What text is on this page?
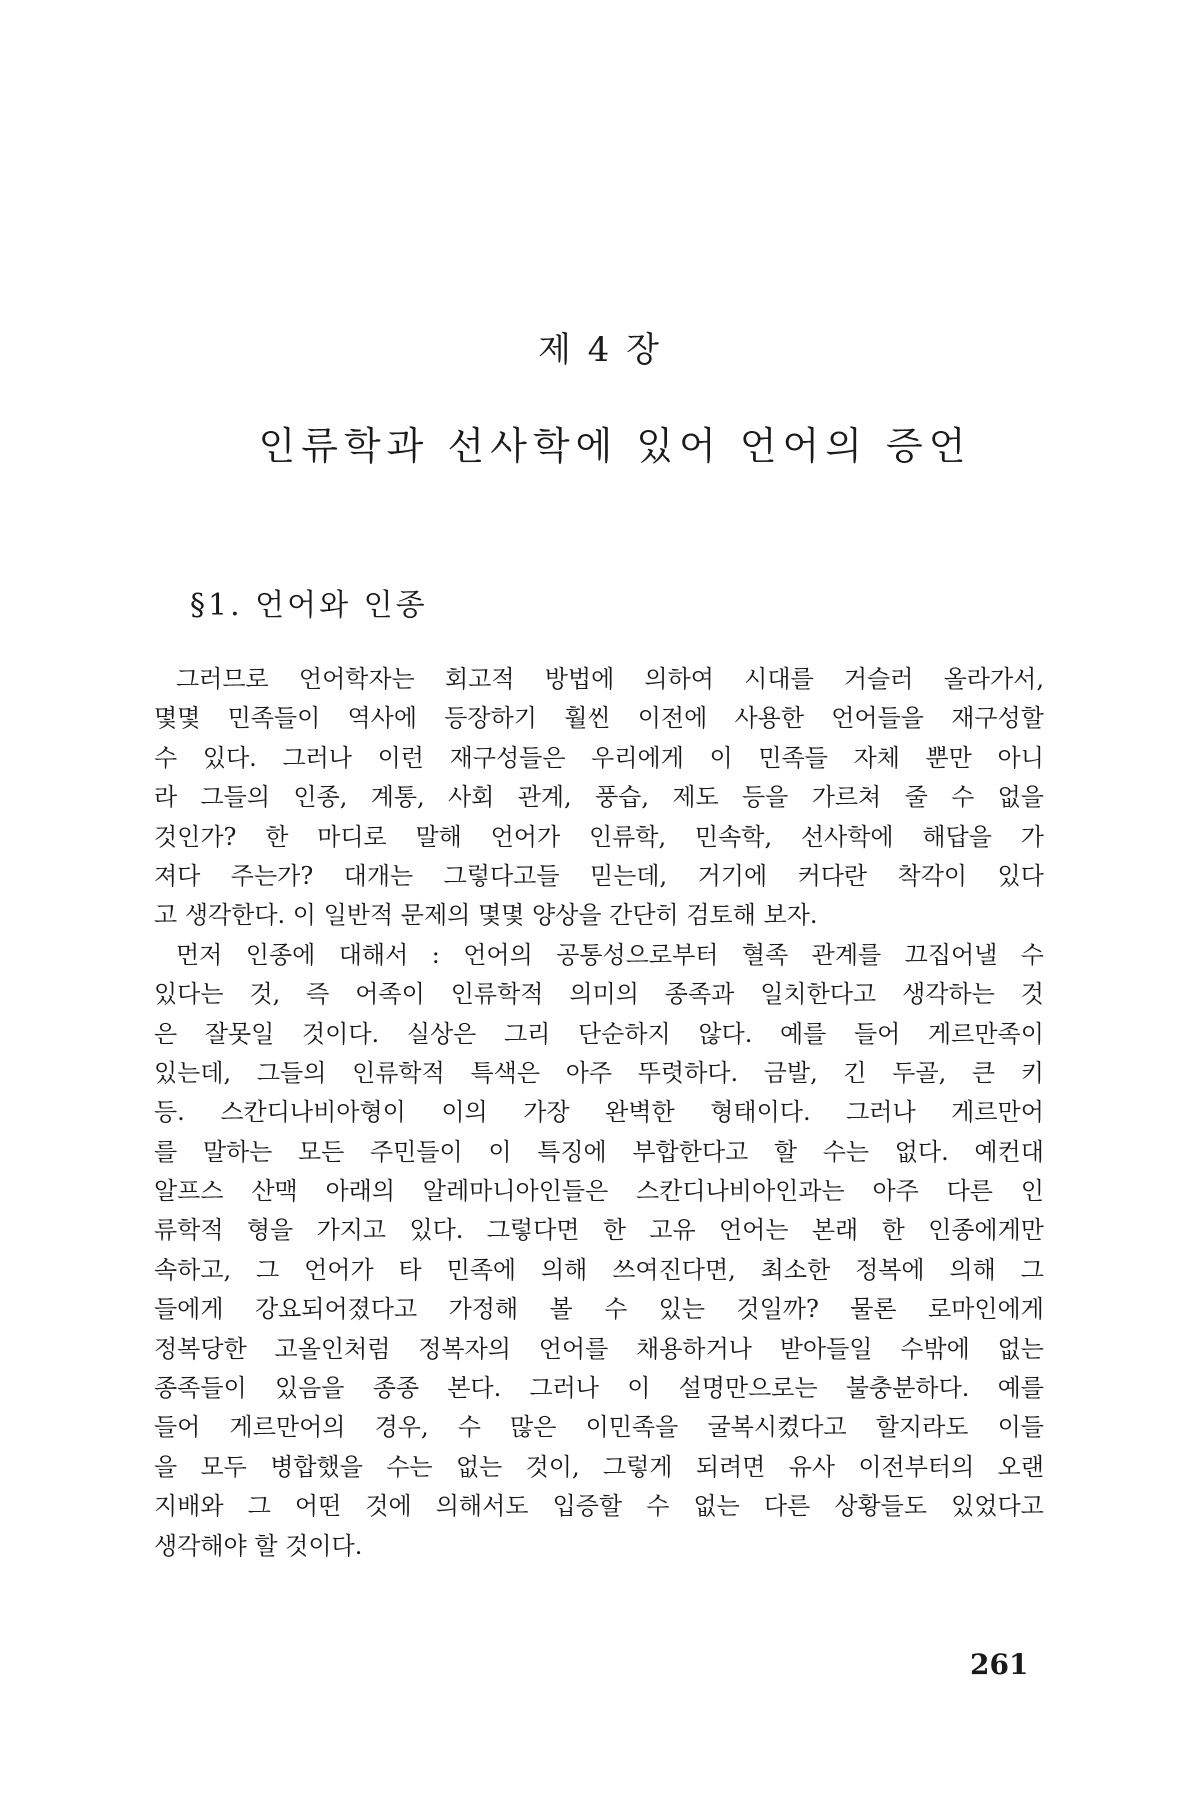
제 4 장
인류학과 선사학에 있어 언어의 증언
§1. 언어와 인종
그러므로 언어학자는 회고적 방법에 의하여 시대를 거슬러 올라가서,
몇몇 민족들이 역사에 등장하기 훨씬 이전에 사용한 언어들을 재구성할
수 있다. 그러나 이런 재구성들은 우리에게 이 민족들 자체 뿐만 아니
라 그들의 인종, 계통, 사회 관계, 풍습, 제도 등을 가르쳐 줄 수 없을
것인가? 한 마디로 말해 언어가 인류학, 민속학, 선사학에 해답을 가
져다 주는가? 대개는 그렇다고들 믿는데, 거기에 커다란 착각이 있다
고 생각한다. 이 일반적 문제의 몇몇 양상을 간단히 검토해 보자.
먼저 인종에 대해서 : 언어의 공통성으로부터 혈족 관계를 끄집어낼 수
있다는 것, 즉 어족이 인류학적 의미의 종족과 일치한다고 생각하는 것
은 잘못일 것이다. 실상은 그리 단순하지 않다. 예를 들어 게르만족이
있는데, 그들의 인류학적 특색은 아주 뚜렷하다. 금발, 긴 두골, 큰 키
등. 스칸디나비아형이 이의 가장 완벽한 형태이다. 그러나 게르만어
를 말하는 모든 주민들이 이 특징에 부합한다고 할 수는 없다. 예컨대
알프스 산맥 아래의 알레마니아인들은 스칸디나비아인과는 아주 다른 인
류학적 형을 가지고 있다. 그렇다면 한 고유 언어는 본래 한 인종에게만
속하고, 그 언어가 타 민족에 의해 쓰여진다면, 최소한 정복에 의해 그
들에게 강요되어졌다고 가정해 볼 수 있는 것일까? 물론 로마인에게
정복당한 고올인처럼 정복자의 언어를 채용하거나 받아들일 수밖에 없는
종족들이 있음을 종종 본다. 그러나 이 설명만으로는 불충분하다. 예를
들어 게르만어의 경우, 수 많은 이민족을 굴복시켰다고 할지라도 이들
을 모두 병합했을 수는 없는 것이, 그렇게 되려면 유사 이전부터의 오랜
지배와 그 어떤 것에 의해서도 입증할 수 없는 다른 상황들도 있었다고
생각해야 할 것이다.
261
